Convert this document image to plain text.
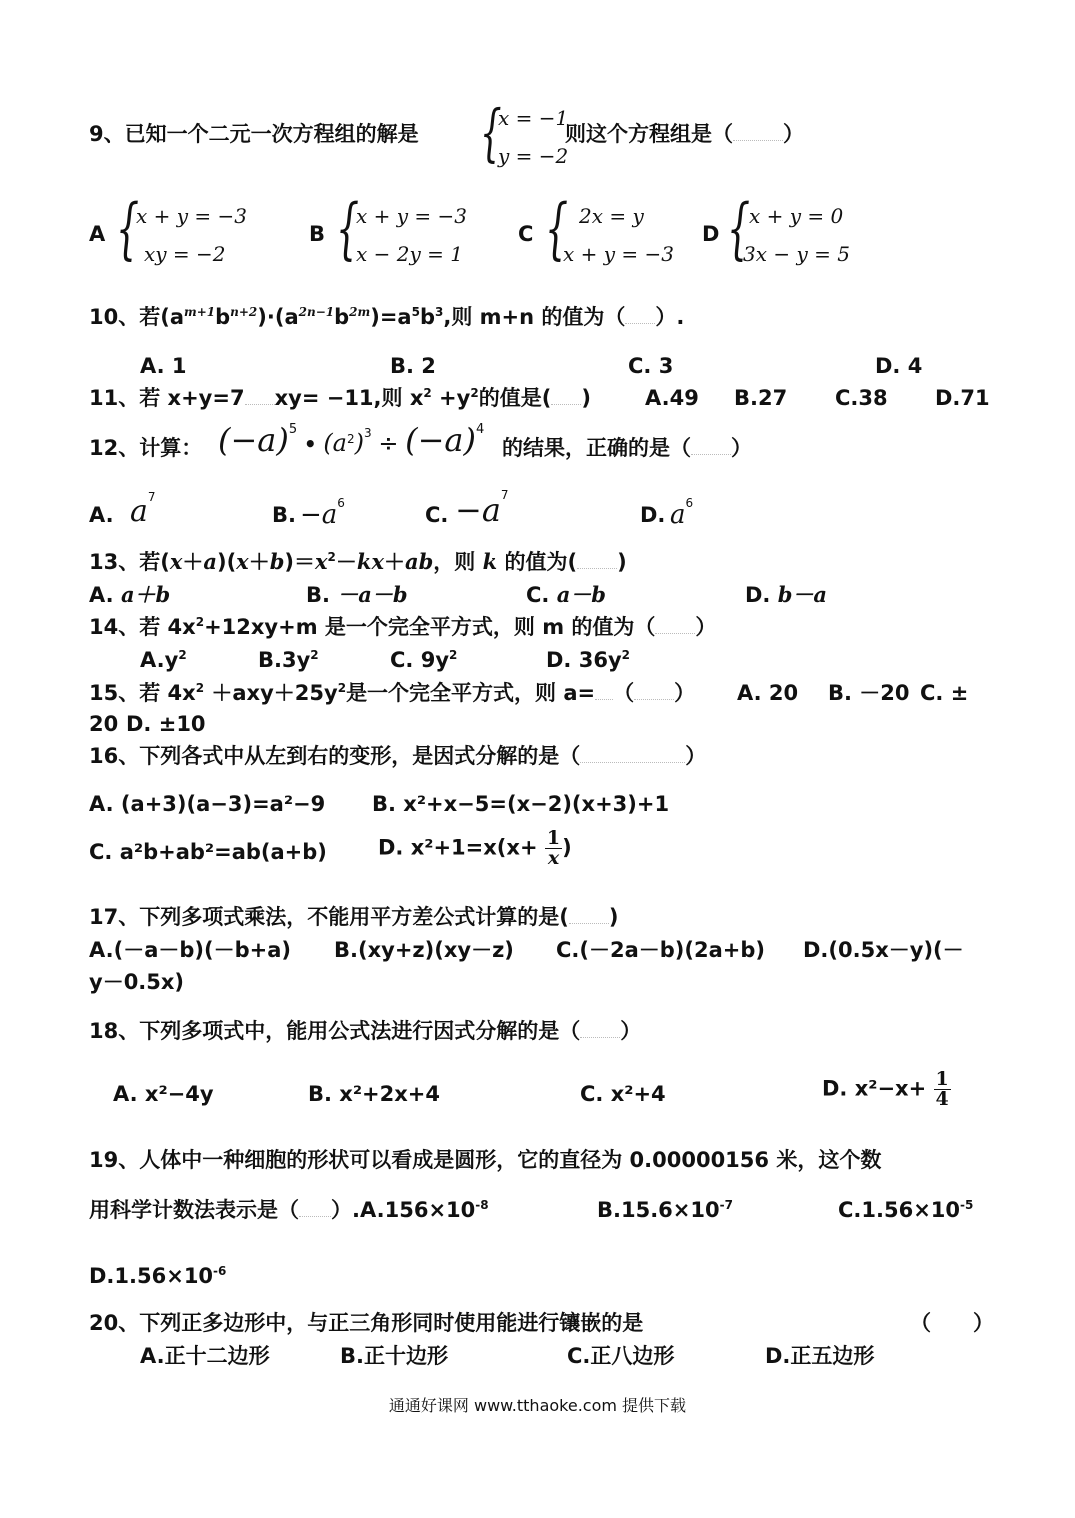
9、已知一个二元一次方程组的解是 {
x = −1
y = −2
则这个方程组是（ ）
A {
x + y = −3
xy = −2
B {
x + y = −3
x − 2y = 1
C { 2x = y
x + y = −3
D {
x + y = 0
3x − y = 5
10、若$(a^{m+1}b^{n+2})\cdot(a^{2n-1}b^{2m})=a^5b^3$,则 m+n 的值为（ ）.
A. 1	B. 2	C. 3	D. 4
11、若 x+y=7 xy= −11,则 $x^2 +y^2$的值是( )	A.49 B.27 C.38 D.71
12、计算： $(-a)^5$ • $(a^2)^3 \div (-a)^4$
的结果，正确的是（ ）
A. $a^7$
B. $-a^6$	C. $-a^7$
D. $a^6$
13、若$(x+a)(x+b)=x^2-kx+ab$，则 k 的值为( )
A. a＋b	B. －a－b	C. a－b	D. b－a
14、若 $4x^2+12xy+m$ 是一个完全平方式，则 m 的值为（ ）
$A.y^2$	$B.3y^2$	C. $9y^2$	D. $36y^2$
15、若 $4x^2 +axy+25y^2$是一个完全平方式，则 a= （ ） A. 20 B. －20 C. ±
20 D. ±10
16、下列各式中从左到右的变形，是因式分解的是（	）
A. (a+3)(a−3)=a²−9 B. x²+x−5=(x−2)(x+3)+1
C. a²b+ab²=ab(a+b) D. $x^2+1=x(x+ \frac{1}{x}$ )
17、下列多项式乘法，不能用平方差公式计算的是( )
A.(－a－b)(－b+a) B.(xy+z)(xy－z) C.(－2a－b)(2a+b) D.(0.5x－y)(－
y－0.5x)
18、下列多项式中，能用公式法进行因式分解的是（ ）
A. x²−4y	B. x²+2x+4	C. x²+4	D. $x^2-x+ \frac{1}{4}$
19、人体中一种细胞的形状可以看成是圆形，它的直径为 0.00000156 米，这个数
用科学计数法表示是（ ）$.A.156\times 10^{-8}$	$B.15.6\times 10^{-7}$	$C.1.56\times 10^{-5}$
$D.1.56\times 10^{-6}$
20、下列正多边形中，与正三角形同时使用能进行镶嵌的是	（　　）
A.正十二边形	B.正十边形	C.正八边形	D.正五边形
通通好课网 www.tthaoke.com 提供下载
